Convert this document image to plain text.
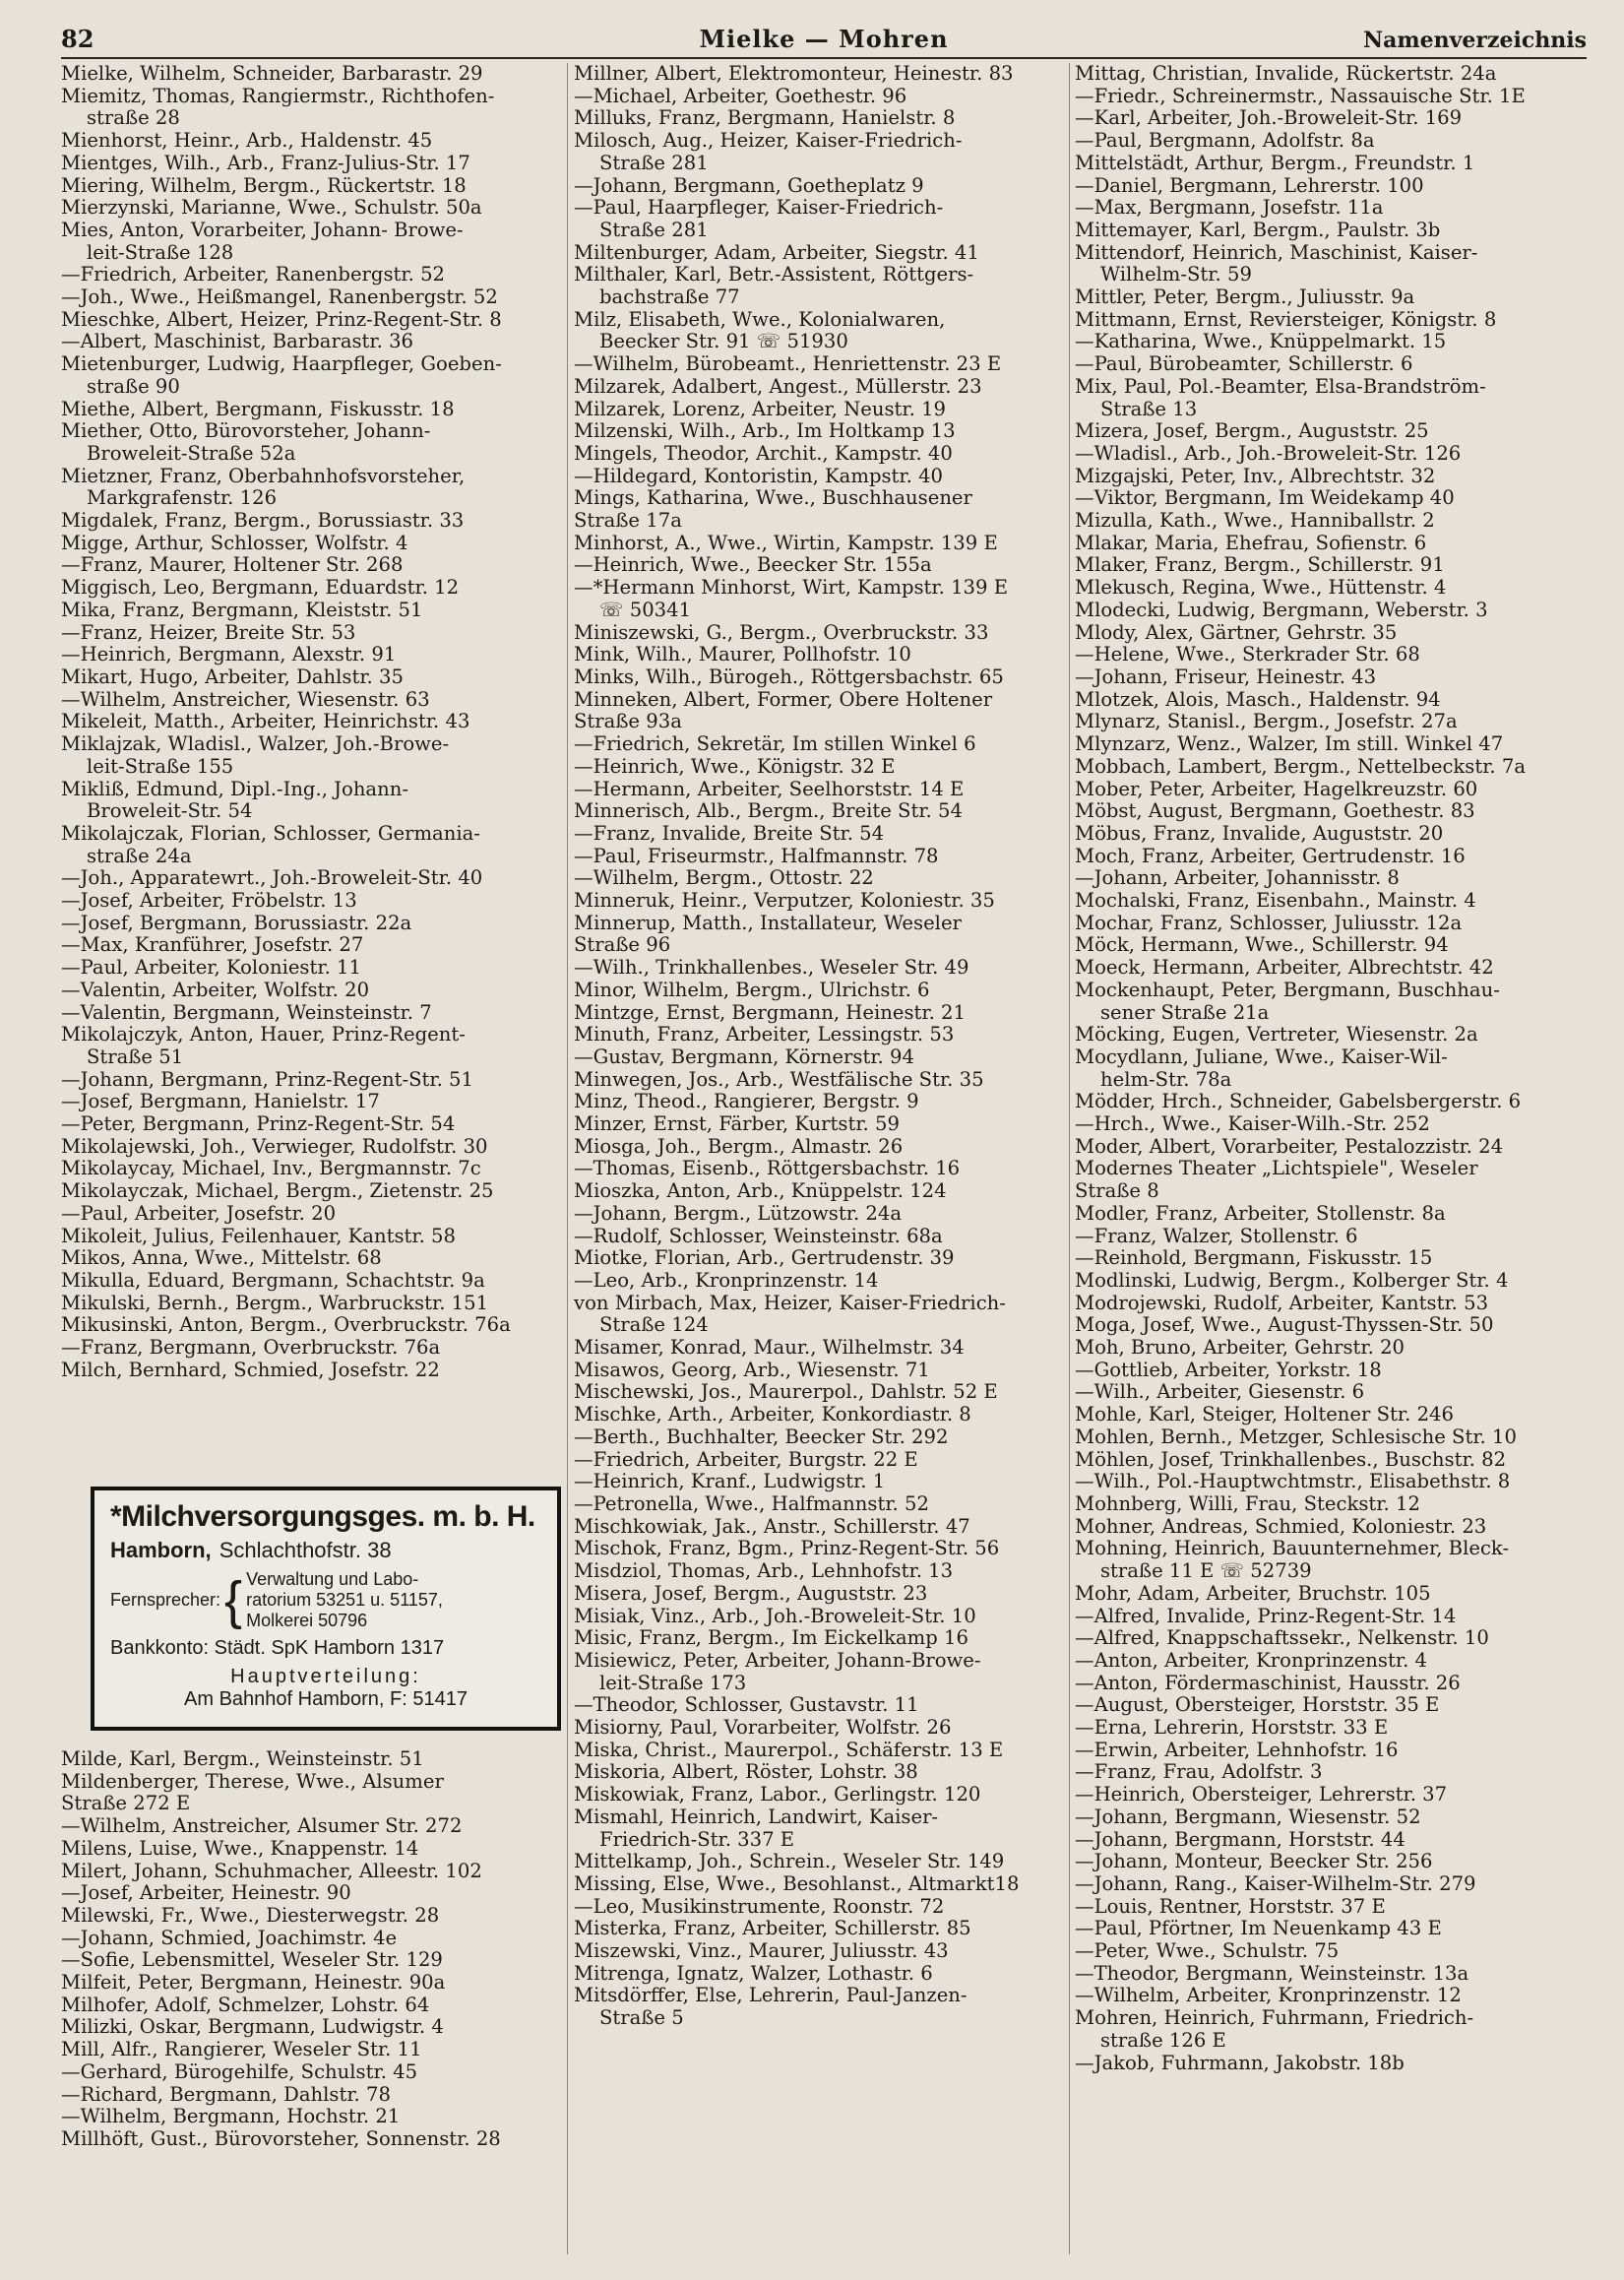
82	Mielke — Mohren	Namenverzeichnis
Mielke, Wilhelm, Schneider, Barbarastr. 29
Miemitz, Thomas, Rangiermstr., Richthofen-
straße 28
Mienhorst, Heinr., Arb., Haldenstr. 45
Mientges, Wilh., Arb., Franz-Julius-Str. 17
Miering, Wilhelm, Bergm., Rückertstr. 18
Mierzynski, Marianne, Wwe., Schulstr. 50a
Mies, Anton, Vorarbeiter, Johann- Browe-
leit-Straße 128
—Friedrich, Arbeiter, Ranenbergstr. 52
—Joh., Wwe., Heißmangel, Ranenbergstr. 52
Mieschke, Albert, Heizer, Prinz-Regent-Str. 8
—Albert, Maschinist, Barbarastr. 36
Mietenburger, Ludwig, Haarpfleger, Goeben-
straße 90
Miethe, Albert, Bergmann, Fiskusstr. 18
Miether, Otto, Bürovorsteher, Johann-
Broweleit-Straße 52a
Mietzner, Franz, Oberbahnhofsvorsteher,
Markgrafenstr. 126
Migdalek, Franz, Bergm., Borussiastr. 33
Migge, Arthur, Schlosser, Wolfstr. 4
—Franz, Maurer, Holtener Str. 268
Miggisch, Leo, Bergmann, Eduardstr. 12
Mika, Franz, Bergmann, Kleiststr. 51
—Franz, Heizer, Breite Str. 53
—Heinrich, Bergmann, Alexstr. 91
Mikart, Hugo, Arbeiter, Dahlstr. 35
—Wilhelm, Anstreicher, Wiesenstr. 63
Mikeleit, Matth., Arbeiter, Heinrichstr. 43
Miklajzak, Wladisl., Walzer, Joh.-Browe-
leit-Straße 155
Mikliß, Edmund, Dipl.-Ing., Johann-
Broweleit-Str. 54
Mikolajczak, Florian, Schlosser, Germania-
straße 24a
—Joh., Apparatewrt., Joh.-Broweleit-Str. 40
—Josef, Arbeiter, Fröbelstr. 13
—Josef, Bergmann, Borussiastr. 22a
—Max, Kranführer, Josefstr. 27
—Paul, Arbeiter, Koloniestr. 11
—Valentin, Arbeiter, Wolfstr. 20
—Valentin, Bergmann, Weinsteinstr. 7
Mikolajczyk, Anton, Hauer, Prinz-Regent-
Straße 51
—Johann, Bergmann, Prinz-Regent-Str. 51
—Josef, Bergmann, Hanielstr. 17
—Peter, Bergmann, Prinz-Regent-Str. 54
Mikolajewski, Joh., Verwieger, Rudolfstr. 30
Mikolaycay, Michael, Inv., Bergmannstr. 7c
Mikolayczak, Michael, Bergm., Zietenstr. 25
—Paul, Arbeiter, Josefstr. 20
Mikoleit, Julius, Feilenhauer, Kantstr. 58
Mikos, Anna, Wwe., Mittelstr. 68
Mikulla, Eduard, Bergmann, Schachtstr. 9a
Mikulski, Bernh., Bergm., Warbruckstr. 151
Mikusinski, Anton, Bergm., Overbruckstr. 76a
—Franz, Bergmann, Overbruckstr. 76a
Milch, Bernhard, Schmied, Josefstr. 22
*Milchversorgungsges. m. b. H.
Hamborn, Schlachthofstr. 38
Fernsprecher: { Verwaltung und Labo-
ratorium 53251 u. 51157,
Molkerei 50796
Bankkonto: Städt. SpK Hamborn 1317
Hauptverteilung:
Am Bahnhof Hamborn, F: 51417
Milde, Karl, Bergm., Weinsteinstr. 51
Mildenberger, Therese, Wwe., Alsumer
Straße 272 E
—Wilhelm, Anstreicher, Alsumer Str. 272
Milens, Luise, Wwe., Knappenstr. 14
Milert, Johann, Schuhmacher, Alleestr. 102
—Josef, Arbeiter, Heinestr. 90
Milewski, Fr., Wwe., Diesterwegstr. 28
—Johann, Schmied, Joachimstr. 4e
—Sofie, Lebensmittel, Weseler Str. 129
Milfeit, Peter, Bergmann, Heinestr. 90a
Milhofer, Adolf, Schmelzer, Lohstr. 64
Milizki, Oskar, Bergmann, Ludwigstr. 4
Mill, Alfr., Rangierer, Weseler Str. 11
—Gerhard, Bürogehilfe, Schulstr. 45
—Richard, Bergmann, Dahlstr. 78
—Wilhelm, Bergmann, Hochstr. 21
Millhöft, Gust., Bürovorsteher, Sonnenstr. 28
Millner, Albert, Elektromonteur, Heinestr. 83
—Michael, Arbeiter, Goethestr. 96
Milluks, Franz, Bergmann, Hanielstr. 8
Milosch, Aug., Heizer, Kaiser-Friedrich-
Straße 281
—Johann, Bergmann, Goetheplatz 9
—Paul, Haarpfleger, Kaiser-Friedrich-
Straße 281
Miltenburger, Adam, Arbeiter, Siegstr. 41
Milthaler, Karl, Betr.-Assistent, Röttgers-
bachstraße 77
Milz, Elisabeth, Wwe., Kolonialwaren,
Beecker Str. 91 ☏ 51930
—Wilhelm, Bürobeamt., Henriettenstr. 23 E
Milzarek, Adalbert, Angest., Müllerstr. 23
Milzarek, Lorenz, Arbeiter, Neustr. 19
Milzenski, Wilh., Arb., Im Holtkamp 13
Mingels, Theodor, Archit., Kampstr. 40
—Hildegard, Kontoristin, Kampstr. 40
Mings, Katharina, Wwe., Buschhausener
Straße 17a
Minhorst, A., Wwe., Wirtin, Kampstr. 139 E
—Heinrich, Wwe., Beecker Str. 155a
—*Hermann Minhorst, Wirt, Kampstr. 139 E
☏ 50341
Miniszewski, G., Bergm., Overbruckstr. 33
Mink, Wilh., Maurer, Pollhofstr. 10
Minks, Wilh., Bürogeh., Röttgersbachstr. 65
Minneken, Albert, Former, Obere Holtener
Straße 93a
—Friedrich, Sekretär, Im stillen Winkel 6
—Heinrich, Wwe., Königstr. 32 E
—Hermann, Arbeiter, Seelhorststr. 14 E
Minnerisch, Alb., Bergm., Breite Str. 54
—Franz, Invalide, Breite Str. 54
—Paul, Friseurmstr., Halfmannstr. 78
—Wilhelm, Bergm., Ottostr. 22
Minneruk, Heinr., Verputzer, Koloniestr. 35
Minnerup, Matth., Installateur, Weseler
Straße 96
—Wilh., Trinkhallenbes., Weseler Str. 49
Minor, Wilhelm, Bergm., Ulrichstr. 6
Mintzge, Ernst, Bergmann, Heinestr. 21
Minuth, Franz, Arbeiter, Lessingstr. 53
—Gustav, Bergmann, Körnerstr. 94
Minwegen, Jos., Arb., Westfälische Str. 35
Minz, Theod., Rangierer, Bergstr. 9
Minzer, Ernst, Färber, Kurtstr. 59
Miosga, Joh., Bergm., Almastr. 26
—Thomas, Eisenb., Röttgersbachstr. 16
Mioszka, Anton, Arb., Knüppelstr. 124
—Johann, Bergm., Lützowstr. 24a
—Rudolf, Schlosser, Weinsteinstr. 68a
Miotke, Florian, Arb., Gertrudenstr. 39
—Leo, Arb., Kronprinzenstr. 14
von Mirbach, Max, Heizer, Kaiser-Friedrich-
Straße 124
Misamer, Konrad, Maur., Wilhelmstr. 34
Misawos, Georg, Arb., Wiesenstr. 71
Mischewski, Jos., Maurerpol., Dahlstr. 52 E
Mischke, Arth., Arbeiter, Konkordiastr. 8
—Berth., Buchhalter, Beecker Str. 292
—Friedrich, Arbeiter, Burgstr. 22 E
—Heinrich, Kranf., Ludwigstr. 1
—Petronella, Wwe., Halfmannstr. 52
Mischkowiak, Jak., Anstr., Schillerstr. 47
Mischok, Franz, Bgm., Prinz-Regent-Str. 56
Misdziol, Thomas, Arb., Lehnhofstr. 13
Misera, Josef, Bergm., Auguststr. 23
Misiak, Vinz., Arb., Joh.-Broweleit-Str. 10
Misic, Franz, Bergm., Im Eickelkamp 16
Misiewicz, Peter, Arbeiter, Johann-Browe-
leit-Straße 173
—Theodor, Schlosser, Gustavstr. 11
Misiorny, Paul, Vorarbeiter, Wolfstr. 26
Miska, Christ., Maurerpol., Schäferstr. 13 E
Miskoria, Albert, Röster, Lohstr. 38
Miskowiak, Franz, Labor., Gerlingstr. 120
Mismahl, Heinrich, Landwirt, Kaiser-
Friedrich-Str. 337 E
Mittelkamp, Joh., Schrein., Weseler Str. 149
Missing, Else, Wwe., Besohlanst., Altmarkt18
—Leo, Musikinstrumente, Roonstr. 72
Misterka, Franz, Arbeiter, Schillerstr. 85
Miszewski, Vinz., Maurer, Juliusstr. 43
Mitrenga, Ignatz, Walzer, Lothastr. 6
Mitsdörffer, Else, Lehrerin, Paul-Janzen-
Straße 5
Mittag, Christian, Invalide, Rückertstr. 24a
—Friedr., Schreinermstr., Nassauische Str. 1E
—Karl, Arbeiter, Joh.-Broweleit-Str. 169
—Paul, Bergmann, Adolfstr. 8a
Mittelstädt, Arthur, Bergm., Freundstr. 1
—Daniel, Bergmann, Lehrerstr. 100
—Max, Bergmann, Josefstr. 11a
Mittemayer, Karl, Bergm., Paulstr. 3b
Mittendorf, Heinrich, Maschinist, Kaiser-
Wilhelm-Str. 59
Mittler, Peter, Bergm., Juliusstr. 9a
Mittmann, Ernst, Reviersteiger, Königstr. 8
—Katharina, Wwe., Knüppelmarkt. 15
—Paul, Bürobeamter, Schillerstr. 6
Mix, Paul, Pol.-Beamter, Elsa-Brandström-
Straße 13
Mizera, Josef, Bergm., Auguststr. 25
—Wladisl., Arb., Joh.-Broweleit-Str. 126
Mizgajski, Peter, Inv., Albrechtstr. 32
—Viktor, Bergmann, Im Weidekamp 40
Mizulla, Kath., Wwe., Hanniballstr. 2
Mlakar, Maria, Ehefrau, Sofienstr. 6
Mlaker, Franz, Bergm., Schillerstr. 91
Mlekusch, Regina, Wwe., Hüttenstr. 4
Mlodecki, Ludwig, Bergmann, Weberstr. 3
Mlody, Alex, Gärtner, Gehrstr. 35
—Helene, Wwe., Sterkrader Str. 68
—Johann, Friseur, Heinestr. 43
Mlotzek, Alois, Masch., Haldenstr. 94
Mlynarz, Stanisl., Bergm., Josefstr. 27a
Mlynzarz, Wenz., Walzer, Im still. Winkel 47
Mobbach, Lambert, Bergm., Nettelbeckstr. 7a
Mober, Peter, Arbeiter, Hagelkreuzstr. 60
Möbst, August, Bergmann, Goethestr. 83
Möbus, Franz, Invalide, Auguststr. 20
Moch, Franz, Arbeiter, Gertrudenstr. 16
—Johann, Arbeiter, Johannisstr. 8
Mochalski, Franz, Eisenbahn., Mainstr. 4
Mochar, Franz, Schlosser, Juliusstr. 12a
Möck, Hermann, Wwe., Schillerstr. 94
Moeck, Hermann, Arbeiter, Albrechtstr. 42
Mockenhaupt, Peter, Bergmann, Buschhau-
sener Straße 21a
Möcking, Eugen, Vertreter, Wiesenstr. 2a
Mocydlann, Juliane, Wwe., Kaiser-Wil-
helm-Str. 78a
Mödder, Hrch., Schneider, Gabelsbergerstr. 6
—Hrch., Wwe., Kaiser-Wilh.-Str. 252
Moder, Albert, Vorarbeiter, Pestalozzistr. 24
Modernes Theater „Lichtspiele", Weseler
Straße 8
Modler, Franz, Arbeiter, Stollenstr. 8a
—Franz, Walzer, Stollenstr. 6
—Reinhold, Bergmann, Fiskusstr. 15
Modlinski, Ludwig, Bergm., Kolberger Str. 4
Modrojewski, Rudolf, Arbeiter, Kantstr. 53
Moga, Josef, Wwe., August-Thyssen-Str. 50
Moh, Bruno, Arbeiter, Gehrstr. 20
—Gottlieb, Arbeiter, Yorkstr. 18
—Wilh., Arbeiter, Giesenstr. 6
Mohle, Karl, Steiger, Holtener Str. 246
Mohlen, Bernh., Metzger, Schlesische Str. 10
Möhlen, Josef, Trinkhallenbes., Buschstr. 82
—Wilh., Pol.-Hauptwchtmstr., Elisabethstr. 8
Mohnberg, Willi, Frau, Steckstr. 12
Mohner, Andreas, Schmied, Koloniestr. 23
Mohning, Heinrich, Bauunternehmer, Bleck-
straße 11 E ☏ 52739
Mohr, Adam, Arbeiter, Bruchstr. 105
—Alfred, Invalide, Prinz-Regent-Str. 14
—Alfred, Knappschaftssekr., Nelkenstr. 10
—Anton, Arbeiter, Kronprinzenstr. 4
—Anton, Fördermaschinist, Hausstr. 26
—August, Obersteiger, Horststr. 35 E
—Erna, Lehrerin, Horststr. 33 E
—Erwin, Arbeiter, Lehnhofstr. 16
—Franz, Frau, Adolfstr. 3
—Heinrich, Obersteiger, Lehrerstr. 37
—Johann, Bergmann, Wiesenstr. 52
—Johann, Bergmann, Horststr. 44
—Johann, Monteur, Beecker Str. 256
—Johann, Rang., Kaiser-Wilhelm-Str. 279
—Louis, Rentner, Horststr. 37 E
—Paul, Pförtner, Im Neuenkamp 43 E
—Peter, Wwe., Schulstr. 75
—Theodor, Bergmann, Weinsteinstr. 13a
—Wilhelm, Arbeiter, Kronprinzenstr. 12
Mohren, Heinrich, Fuhrmann, Friedrich-
straße 126 E
—Jakob, Fuhrmann, Jakobstr. 18b
